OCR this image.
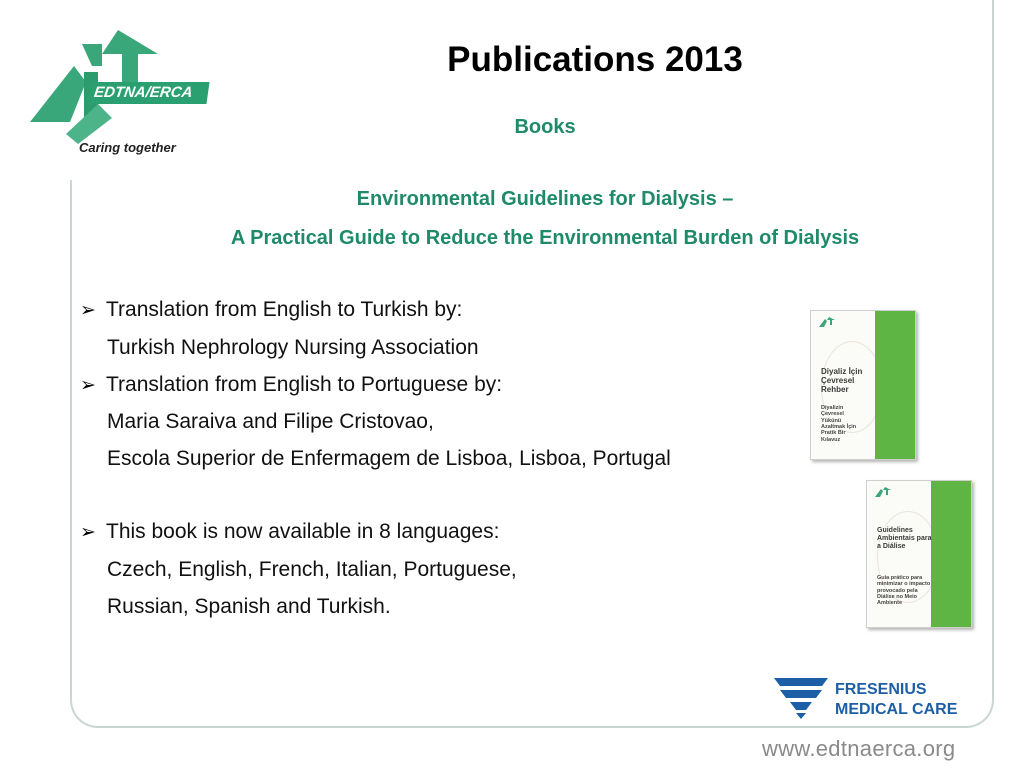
EDTNA/ERCA
Caring together
Publications 2013
Books
Environmental Guidelines for Dialysis –
A Practical Guide to Reduce the Environmental Burden of Dialysis
➢ Translation from English to Turkish by:
Turkish Nephrology Nursing Association
➢ Translation from English to Portuguese by:
Maria Saraiva and Filipe Cristovao,
Escola Superior de Enfermagem de Lisboa, Lisboa, Portugal
➢ This book is now available in 8 languages:
Czech, English, French, Italian, Portuguese,
Russian, Spanish and Turkish.
Diyaliz İçin Çevresel Rehber
Diyalizin Çevresel Yükünü Azaltmak İçin Pratik Bir Kılavuz
Guidelines Ambientais para a Diálise
Guia prático para minimizar o impacto provocado pela Diálise no Meio Ambiente
FRESENIUS
MEDICAL CARE
www.edtnaerca.org
